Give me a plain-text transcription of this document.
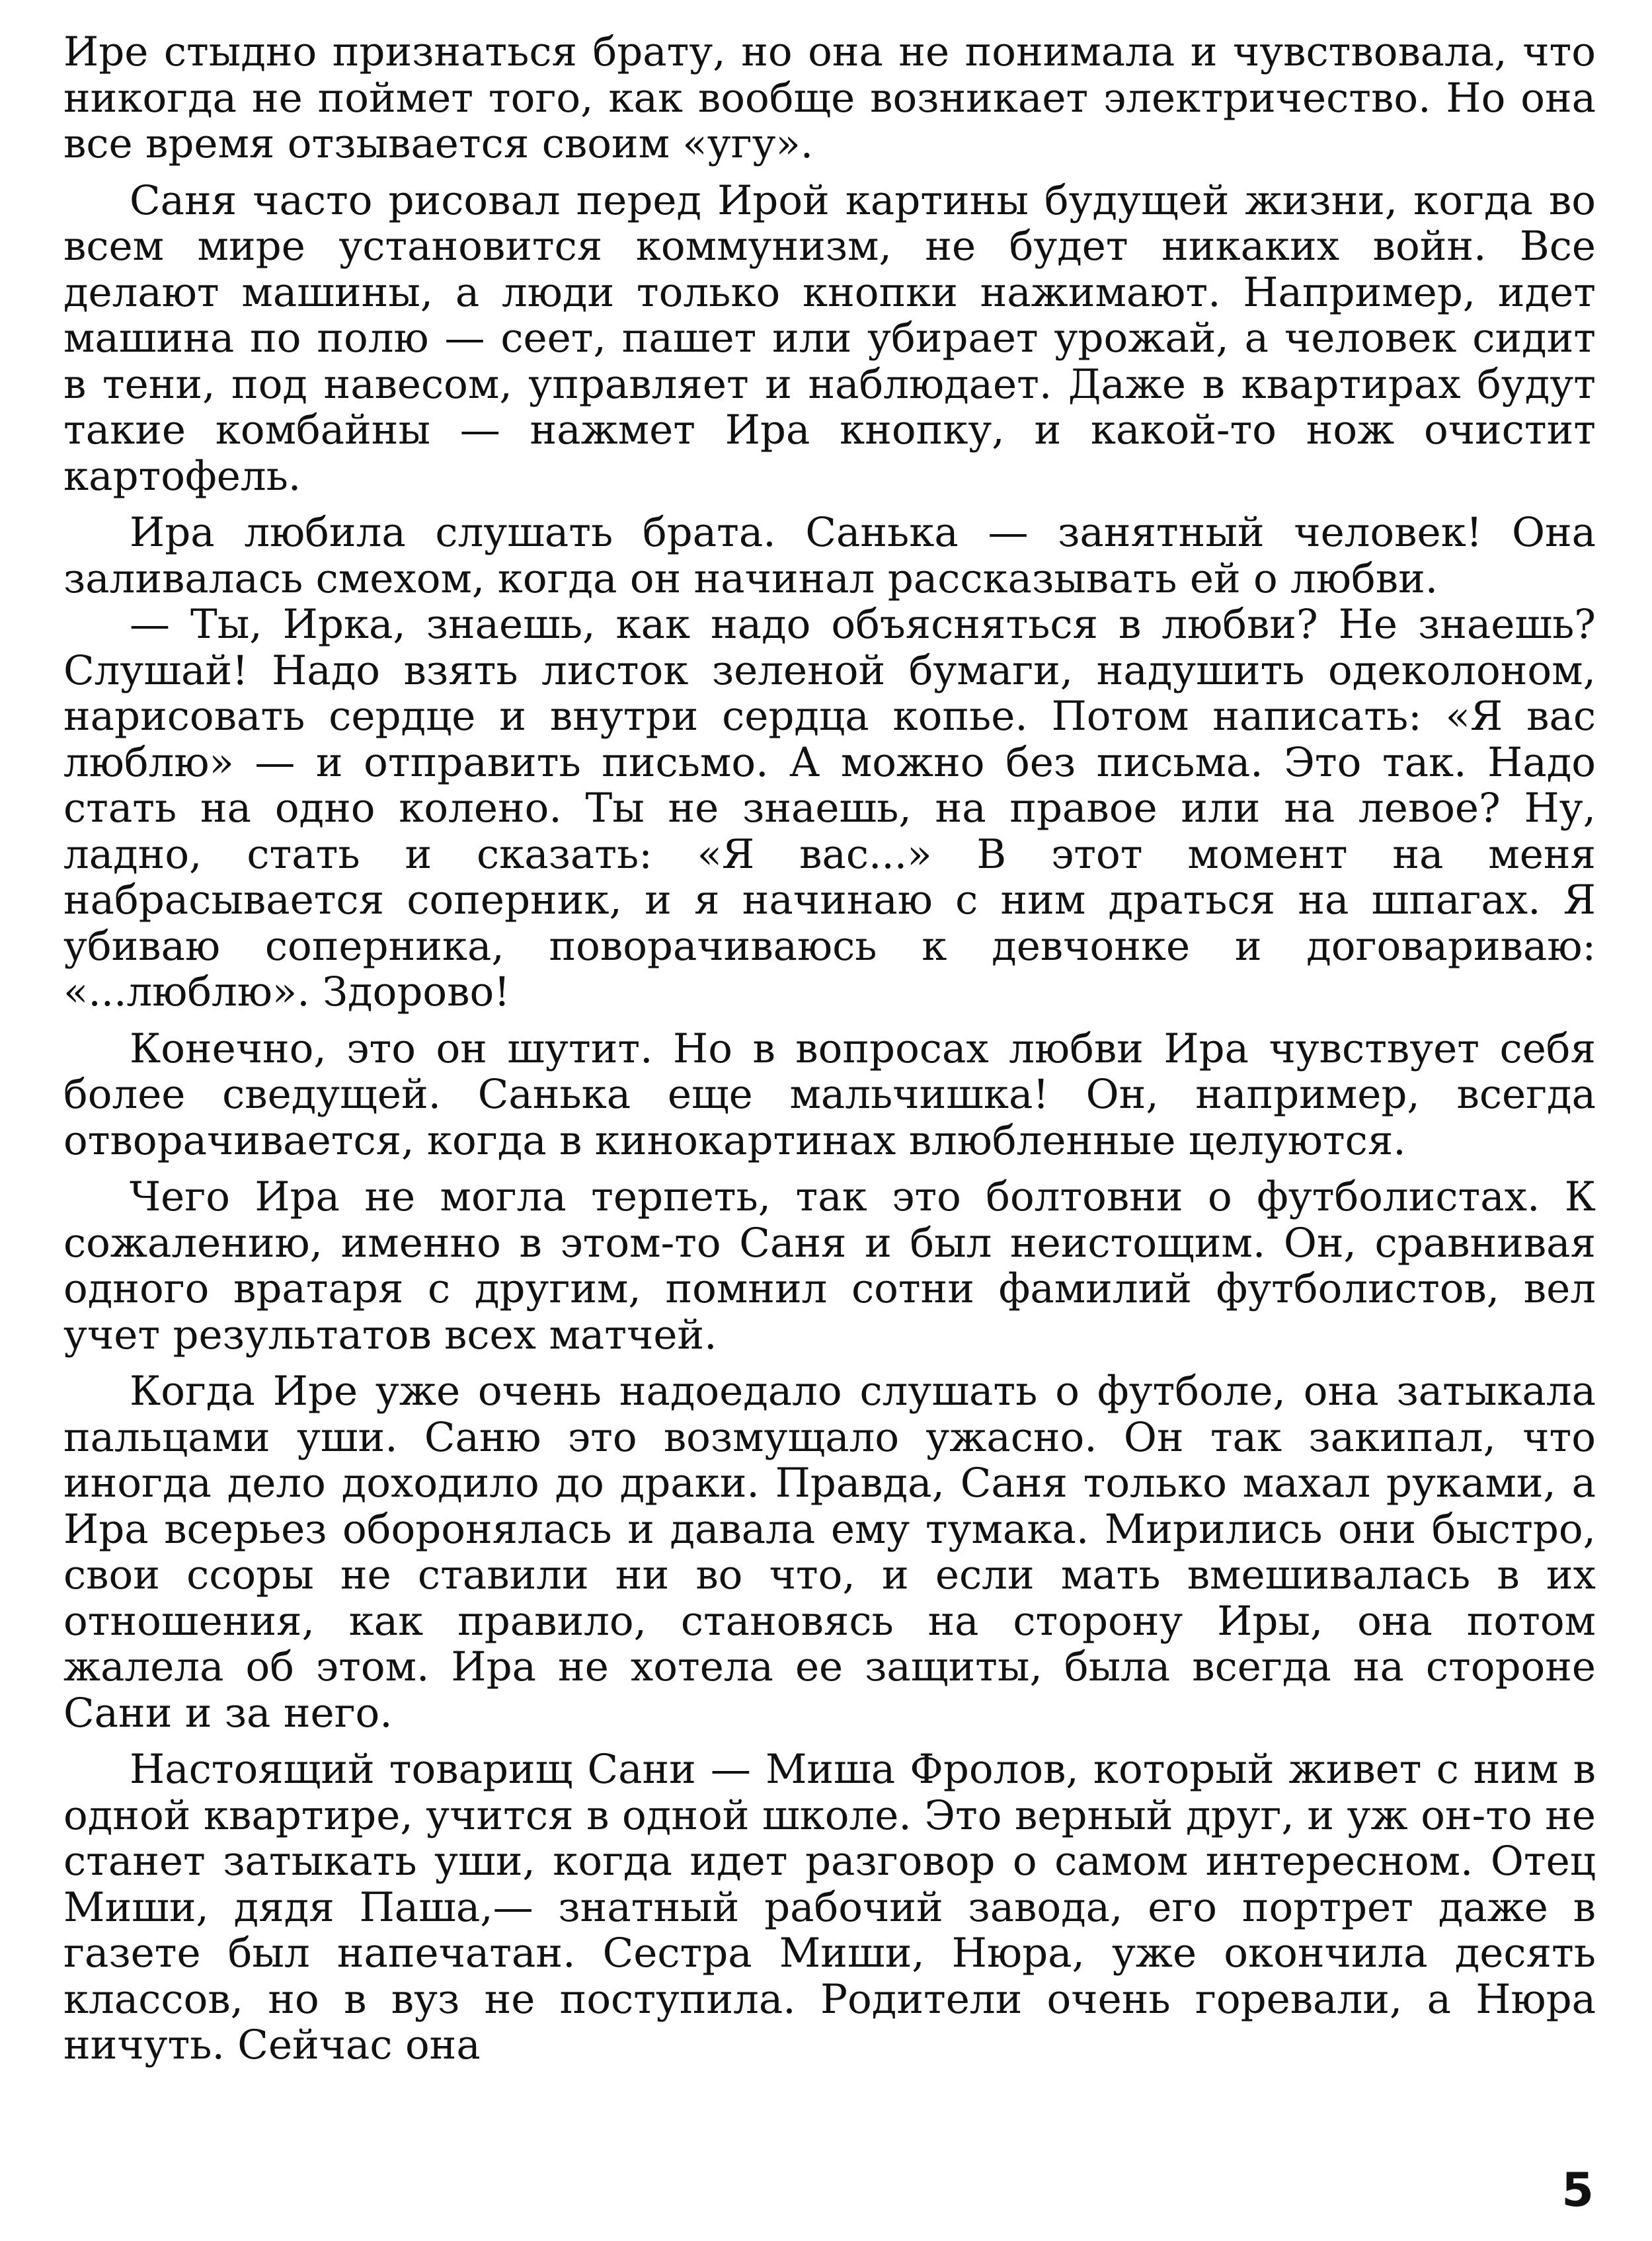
Ире стыдно признаться брату, но она не понимала и чувствовала, что никогда не поймет того, как вообще возникает электричество. Но она все время отзывается своим «угу».

Саня часто рисовал перед Ирой картины будущей жизни, когда во всем мире установится коммунизм, не будет никаких войн. Все делают машины, а люди только кнопки нажимают. Например, идет машина по полю — сеет, пашет или убирает урожай, а человек сидит в тени, под навесом, управляет и наблюдает. Даже в квартирах будут такие комбайны — нажмет Ира кнопку, и какой-то нож очистит картофель.

Ира любила слушать брата. Санька — занятный человек! Она заливалась смехом, когда он начинал рассказывать ей о любви.

— Ты, Ирка, знаешь, как надо объясняться в любви? Не знаешь? Слушай! Надо взять листок зеленой бумаги, надушить одеколоном, нарисовать сердце и внутри сердца копье. Потом написать: «Я вас люблю» — и отправить письмо. А можно без письма. Это так. Надо стать на одно колено. Ты не знаешь, на правое или на левое? Ну, ладно, стать и сказать: «Я вас...» В этот момент на меня набрасывается соперник, и я начинаю с ним драться на шпагах. Я убиваю соперника, поворачиваюсь к девчонке и договариваю: «...люблю». Здорово!

Конечно, это он шутит. Но в вопросах любви Ира чувствует себя более сведущей. Санька еще мальчишка! Он, например, всегда отворачивается, когда в кинокартинах влюбленные целуются.

Чего Ира не могла терпеть, так это болтовни о футболистах. К сожалению, именно в этом-то Саня и был неистощим. Он, сравнивая одного вратаря с другим, помнил сотни фамилий футболистов, вел учет результатов всех матчей.

Когда Ире уже очень надоедало слушать о футболе, она затыкала пальцами уши. Саню это возмущало ужасно. Он так закипал, что иногда дело доходило до драки. Правда, Саня только махал руками, а Ира всерьез оборонялась и давала ему тумака. Мирились они быстро, свои ссоры не ставили ни во что, и если мать вмешивалась в их отношения, как правило, становясь на сторону Иры, она потом жалела об этом. Ира не хотела ее защиты, была всегда на стороне Сани и за него.

Настоящий товарищ Сани — Миша Фролов, который живет с ним в одной квартире, учится в одной школе. Это верный друг, и уж он-то не станет затыкать уши, когда идет разговор о самом интересном. Отец Миши, дядя Паша,— знатный рабочий завода, его портрет даже в газете был напечатан. Сестра Миши, Нюра, уже окончила десять классов, но в вуз не поступила. Родители очень горевали, а Нюра ничуть. Сейчас она

5
